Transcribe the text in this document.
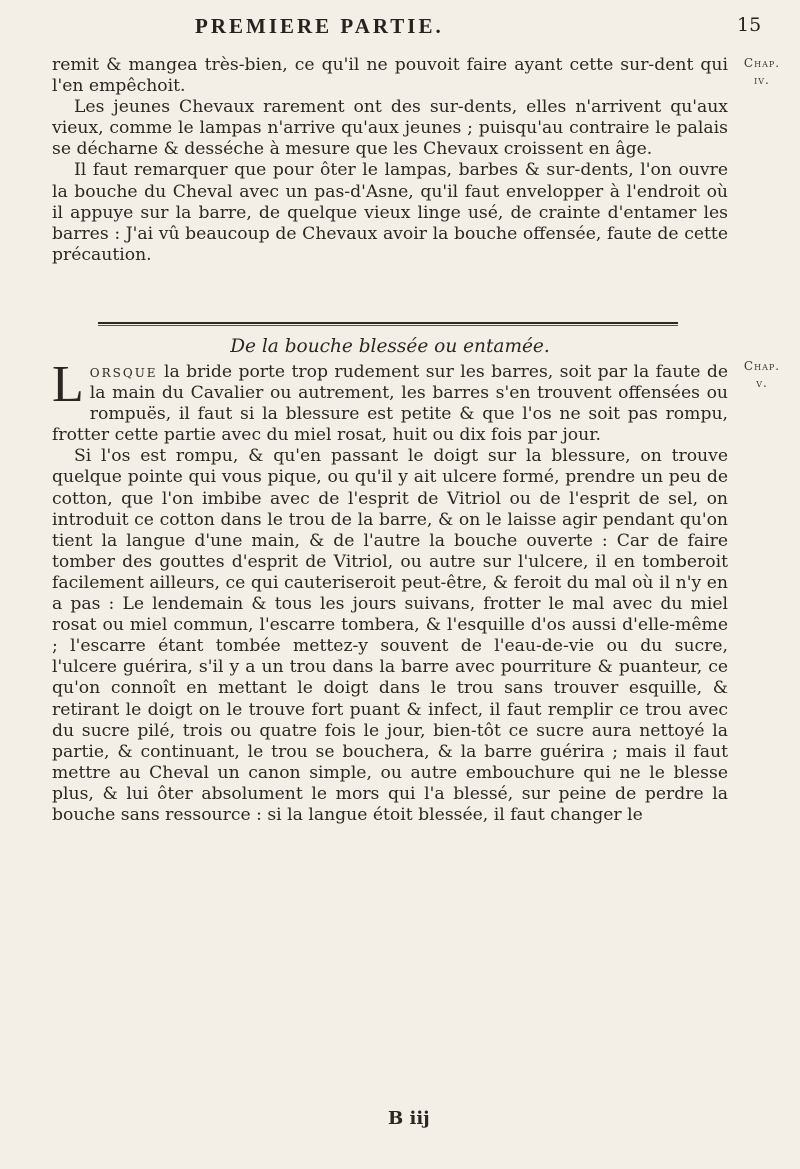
PREMIERE PARTIE.	15
Chap.
iv.
Chap.
v.

remit & mangea très-bien, ce qu'il ne pouvoit faire ayant cette sur-dent qui l'en empêchoit.

Les jeunes Chevaux rarement ont des sur-dents, elles n'arrivent qu'aux vieux, comme le lampas n'arrive qu'aux jeunes ; puisqu'au contraire le palais se décharne & desséche à mesure que les Chevaux croissent en âge.

Il faut remarquer que pour ôter le lampas, barbes & sur-dents, l'on ouvre la bouche du Cheval avec un pas-d'Asne, qu'il faut envelopper à l'endroit où il appuye sur la barre, de quelque vieux linge usé, de crainte d'entamer les barres : J'ai vû beaucoup de Chevaux avoir la bouche offensée, faute de cette précaution.

De la bouche blessée ou entamée.

Lorsque la bride porte trop rudement sur les barres, soit par la faute de la main du Cavalier ou autrement, les barres s'en trouvent offensées ou rompuës, il faut si la blessure est petite & que l'os ne soit pas rompu, frotter cette partie avec du miel rosat, huit ou dix fois par jour.

Si l'os est rompu, & qu'en passant le doigt sur la blessure, on trouve quelque pointe qui vous pique, ou qu'il y ait ulcere formé, prendre un peu de cotton, que l'on imbibe avec de l'esprit de Vitriol ou de l'esprit de sel, on introduit ce cotton dans le trou de la barre, & on le laisse agir pendant qu'on tient la langue d'une main, & de l'autre la bouche ouverte : Car de faire tomber des gouttes d'esprit de Vitriol, ou autre sur l'ulcere, il en tomberoit facilement ailleurs, ce qui cauteriseroit peut-être, & feroit du mal où il n'y en a pas : Le lendemain & tous les jours suivans, frotter le mal avec du miel rosat ou miel commun, l'escarre tombera, & l'esquille d'os aussi d'elle-même ; l'escarre étant tombée mettez-y souvent de l'eau-de-vie ou du sucre, l'ulcere guérira, s'il y a un trou dans la barre avec pourriture & puanteur, ce qu'on connoît en mettant le doigt dans le trou sans trouver esquille, & retirant le doigt on le trouve fort puant & infect, il faut remplir ce trou avec du sucre pilé, trois ou quatre fois le jour, bien-tôt ce sucre aura nettoyé la partie, & continuant, le trou se bouchera, & la barre guérira ; mais il faut mettre au Cheval un canon simple, ou autre embouchure qui ne le blesse plus, & lui ôter absolument le mors qui l'a blessé, sur peine de perdre la bouche sans ressource : si la langue étoit blessée, il faut changer le

B iij
